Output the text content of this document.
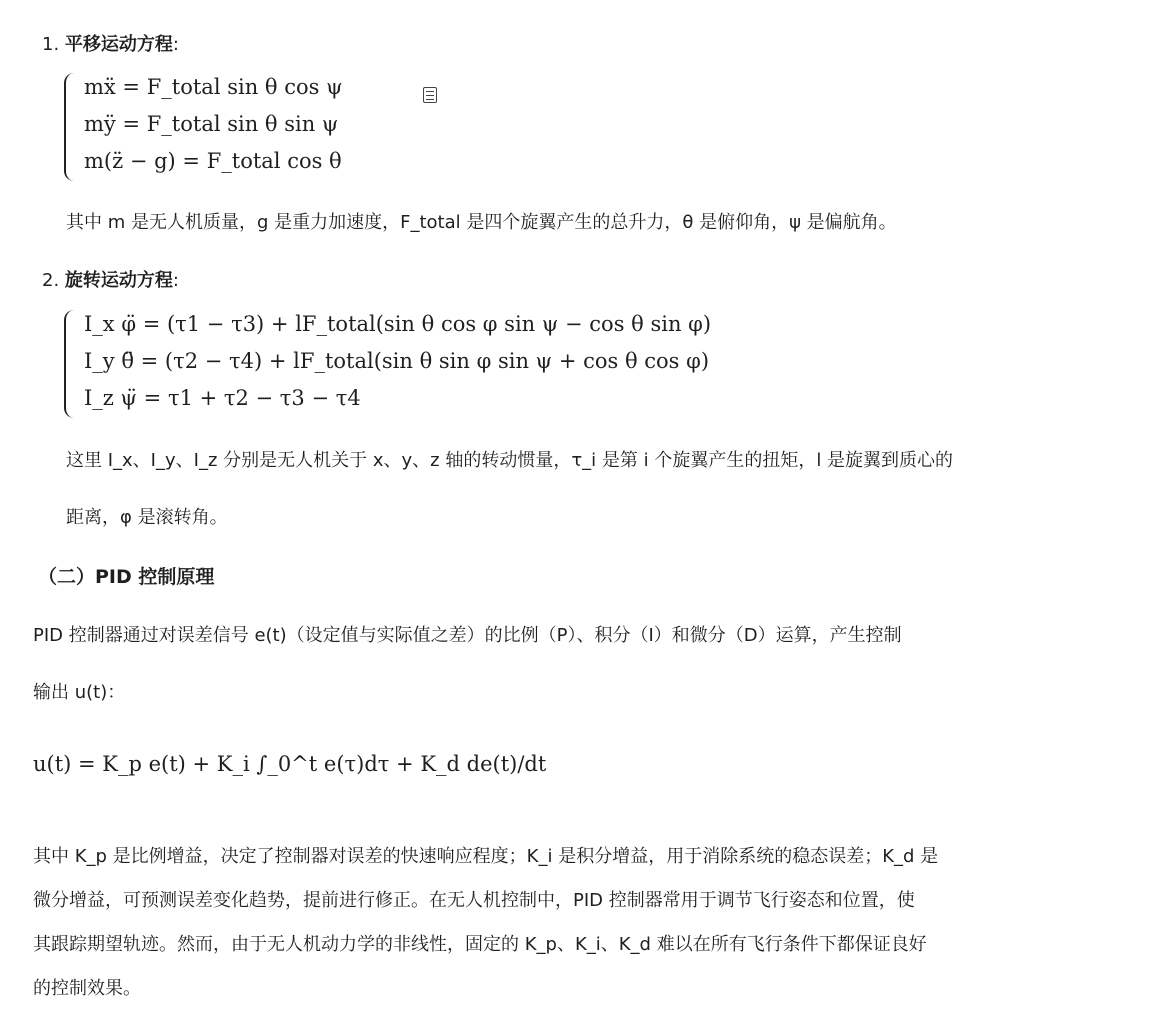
1. 平移运动方程:
mẍ = F_total sin θ cos ψ
mÿ = F_total sin θ sin ψ
m(z̈ − g) = F_total cos θ
其中 m 是无人机质量，g 是重力加速度，F_total 是四个旋翼产生的总升力，θ 是俯仰角，ψ 是偏航角。
2. 旋转运动方程:
I_x φ̈ = (τ1 − τ3) + lF_total(sin θ cos φ sin ψ − cos θ sin φ)
I_y θ̈ = (τ2 − τ4) + lF_total(sin θ sin φ sin ψ + cos θ cos φ)
I_z ψ̈ = τ1 + τ2 − τ3 − τ4
这里 I_x、I_y、I_z 分别是无人机关于 x、y、z 轴的转动惯量，τ_i 是第 i 个旋翼产生的扭矩，l 是旋翼到质心的
距离，φ 是滚转角。
（二）PID 控制原理
PID 控制器通过对误差信号 e(t)（设定值与实际值之差）的比例（P）、积分（I）和微分（D）运算，产生控制
输出 u(t)：
u(t) = K_p e(t) + K_i ∫_0^t e(τ)dτ + K_d de(t)/dt
其中 K_p 是比例增益，决定了控制器对误差的快速响应程度；K_i 是积分增益，用于消除系统的稳态误差；K_d 是
微分增益，可预测误差变化趋势，提前进行修正。在无人机控制中，PID 控制器常用于调节飞行姿态和位置，使
其跟踪期望轨迹。然而，由于无人机动力学的非线性，固定的 K_p、K_i、K_d 难以在所有飞行条件下都保证良好
的控制效果。
